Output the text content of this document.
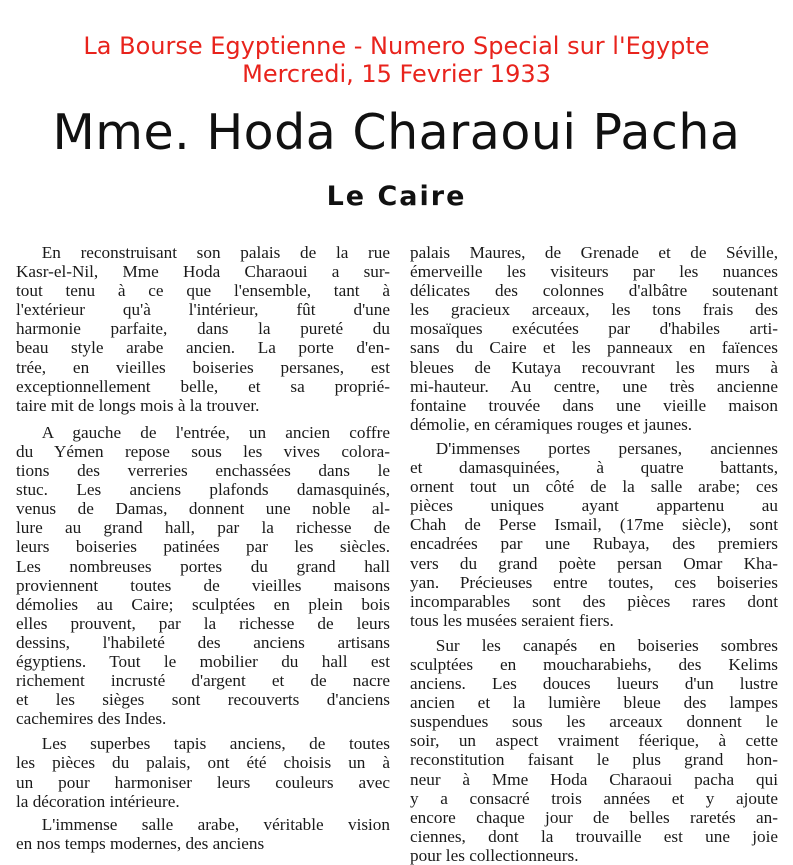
La Bourse Egyptienne - Numero Special sur l'Egypte
Mercredi, 15 Fevrier 1933
Mme. Hoda Charaoui Pacha
Le Caire
  En reconstruisant son palais de la rue
Kasr-el-Nil, Mme Hoda Charaoui a sur-
tout tenu à ce que l'ensemble, tant à
l'extérieur qu'à l'intérieur, fût d'une
harmonie parfaite, dans la pureté du
beau style arabe ancien. La porte d'en-
trée, en vieilles boiseries persanes, est
exceptionnellement belle, et sa proprié-
taire mit de longs mois à la trouver.
  A gauche de l'entrée, un ancien coffre
du Yémen repose sous les vives colora-
tions des verreries enchassées dans le
stuc. Les anciens plafonds damasquinés,
venus de Damas, donnent une noble al-
lure au grand hall, par la richesse de
leurs boiseries patinées par les siècles.
Les nombreuses portes du grand hall
proviennent toutes de vieilles maisons
démolies au Caire; sculptées en plein bois
elles prouvent, par la richesse de leurs
dessins, l'habileté des anciens artisans
égyptiens. Tout le mobilier du hall est
richement incrusté d'argent et de nacre
et les sièges sont recouverts d'anciens
cachemires des Indes.
  Les superbes tapis anciens, de toutes
les pièces du palais, ont été choisis un à
un pour harmoniser leurs couleurs avec
la décoration intérieure.
  L'immense salle arabe, véritable vision
en nos temps modernes, des anciens
palais Maures, de Grenade et de Séville,
émerveille les visiteurs par les nuances
délicates des colonnes d'albâtre soutenant
les gracieux arceaux, les tons frais des
mosaïques exécutées par d'habiles arti-
sans du Caire et les panneaux en faïences
bleues de Kutaya recouvrant les murs à
mi-hauteur. Au centre, une très ancienne
fontaine trouvée dans une vieille maison
démolie, en céramiques rouges et jaunes.
  D'immenses portes persanes, anciennes
et damasquinées, à quatre battants,
ornent tout un côté de la salle arabe; ces
pièces uniques ayant appartenu au
Chah de Perse Ismail, (17me siècle), sont
encadrées par une Rubaya, des premiers
vers du grand poète persan Omar Kha-
yan. Précieuses entre toutes, ces boiseries
incomparables sont des pièces rares dont
tous les musées seraient fiers.
  Sur les canapés en boiseries sombres
sculptées en moucharabiehs, des Kelims
anciens. Les douces lueurs d'un lustre
ancien et la lumière bleue des lampes
suspendues sous les arceaux donnent le
soir, un aspect vraiment féerique, à cette
reconstitution faisant le plus grand hon-
neur à Mme Hoda Charaoui pacha qui
y a consacré trois années et y ajoute
encore chaque jour de belles raretés an-
ciennes, dont la trouvaille est une joie
pour les collectionneurs.
